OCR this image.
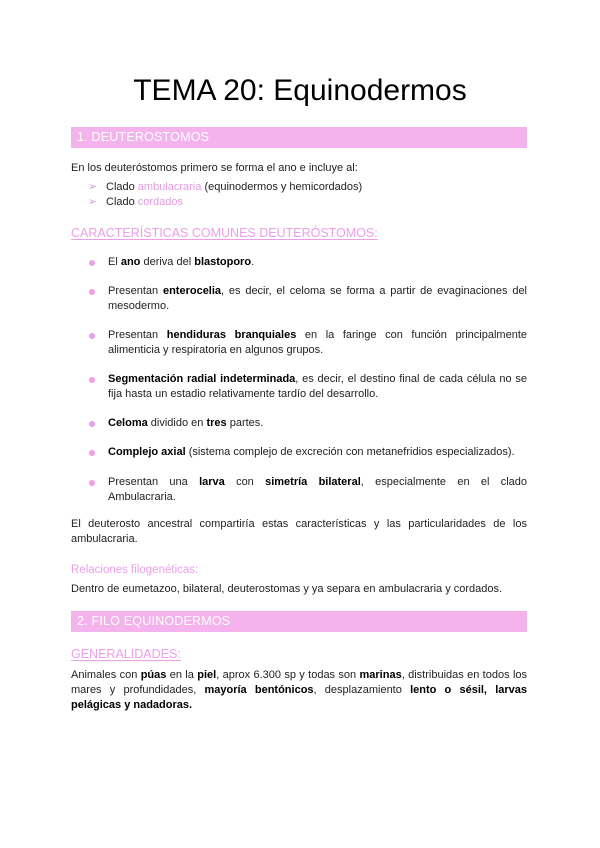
TEMA 20: Equinodermos
1. DEUTEROSTOMOS
En los deuteróstomos primero se forma el ano e incluye al:
➢ Clado ambulacraria (equinodermos y hemicordados)
➢ Clado cordados
CARACTERÍSTICAS COMUNES DEUTERÓSTOMOS:
El ano deriva del blastoporo.
Presentan enterocelia, es decir, el celoma se forma a partir de evaginaciones del
mesodermo.
Presentan hendiduras branquiales en la faringe con función principalmente
alimenticia y respiratoria en algunos grupos.
Segmentación radial indeterminada, es decir, el destino final de cada célula no se
fija hasta un estadio relativamente tardío del desarrollo.
Celoma dividido en tres partes.
Complejo axial (sistema complejo de excreción con metanefridios especializados).
Presentan una larva con simetría bilateral, especialmente en el clado
Ambulacraria.
El deuterosto ancestral compartiría estas características y las particularidades de los
ambulacraria.
Relaciones filogenéticas:
Dentro de eumetazoo, bilateral, deuterostomas y ya separa en ambulacraria y cordados.
2. FILO EQUINODERMOS
GENERALIDADES:
Animales con púas en la piel, aprox 6.300 sp y todas son marinas, distribuidas en todos los
mares y profundidades, mayoría bentónicos, desplazamiento lento o sésil, larvas
pelágicas y nadadoras.
